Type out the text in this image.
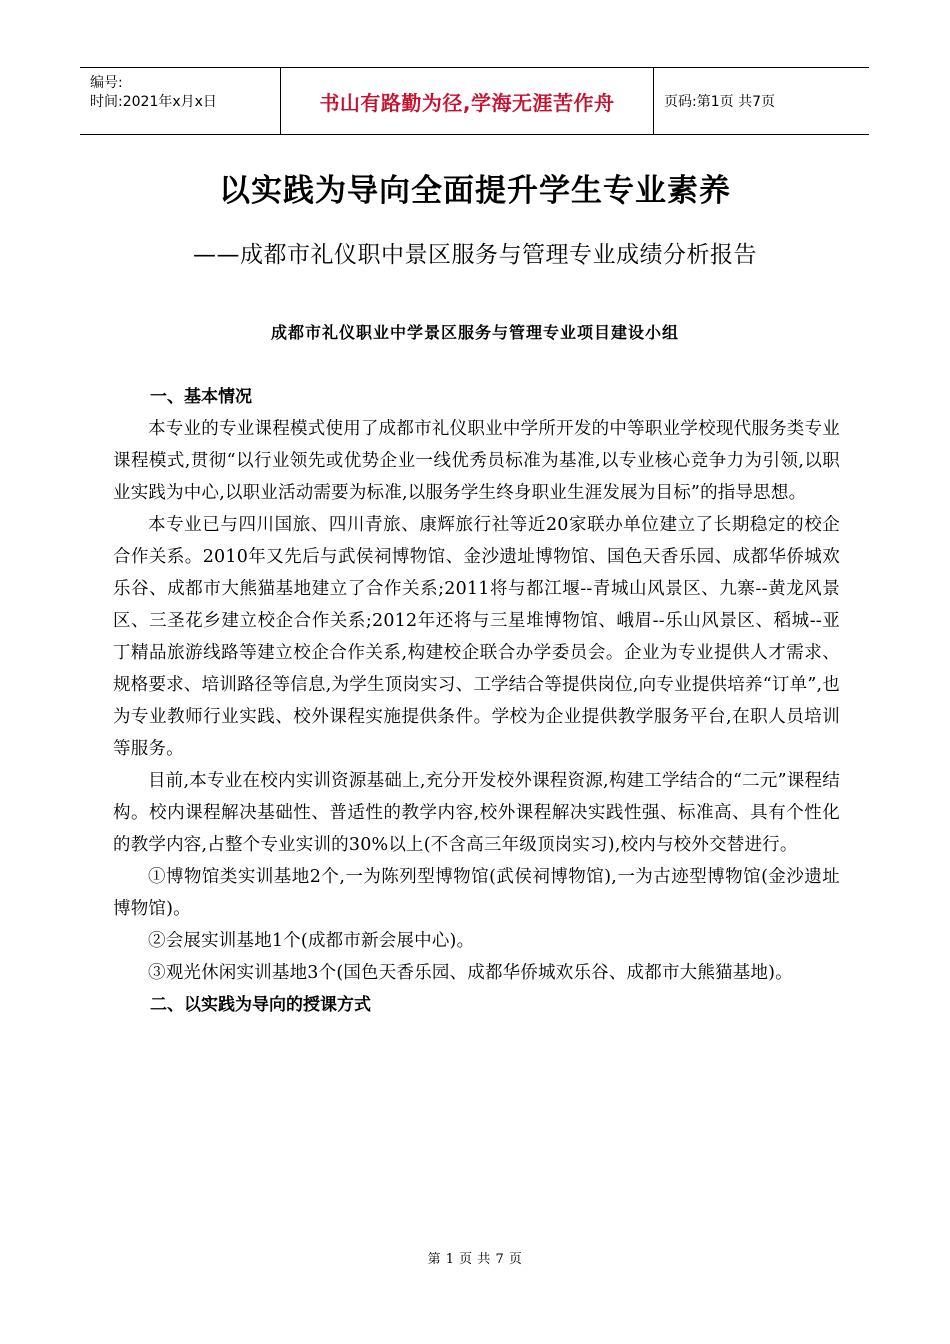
编号:
时间:2021年x月x日	书山有路勤为径,学海无涯苦作舟	页码:第1页 共7页
以实践为导向全面提升学生专业素养
——成都市礼仪职中景区服务与管理专业成绩分析报告
成都市礼仪职业中学景区服务与管理专业项目建设小组

一、基本情况

本专业的专业课程模式使用了成都市礼仪职业中学所开发的中等职业学校现代服务类专业课程模式,贯彻“以行业领先或优势企业一线优秀员标准为基准,以专业核心竞争力为引领,以职业实践为中心,以职业活动需要为标准,以服务学生终身职业生涯发展为目标”的指导思想。

本专业已与四川国旅、四川青旅、康辉旅行社等近20家联办单位建立了长期稳定的校企合作关系。2010年又先后与武侯祠博物馆、金沙遗址博物馆、国色天香乐园、成都华侨城欢乐谷、成都市大熊猫基地建立了合作关系;2011将与都江堰--青城山风景区、九寨--黄龙风景区、三圣花乡建立校企合作关系;2012年还将与三星堆博物馆、峨眉--乐山风景区、稻城--亚丁精品旅游线路等建立校企合作关系,构建校企联合办学委员会。企业为专业提供人才需求、规格要求、培训路径等信息,为学生顶岗实习、工学结合等提供岗位,向专业提供培养“订单”,也为专业教师行业实践、校外课程实施提供条件。学校为企业提供教学服务平台,在职人员培训等服务。

目前,本专业在校内实训资源基础上,充分开发校外课程资源,构建工学结合的“二元”课程结构。校内课程解决基础性、普适性的教学内容,校外课程解决实践性强、标准高、具有个性化的教学内容,占整个专业实训的30%以上(不含高三年级顶岗实习),校内与校外交替进行。

①博物馆类实训基地2个,一为陈列型博物馆(武侯祠博物馆),一为古迹型博物馆(金沙遗址博物馆)。

②会展实训基地1个(成都市新会展中心)。

③观光休闲实训基地3个(国色天香乐园、成都华侨城欢乐谷、成都市大熊猫基地)。

二、以实践为导向的授课方式

第 1 页 共 7 页
